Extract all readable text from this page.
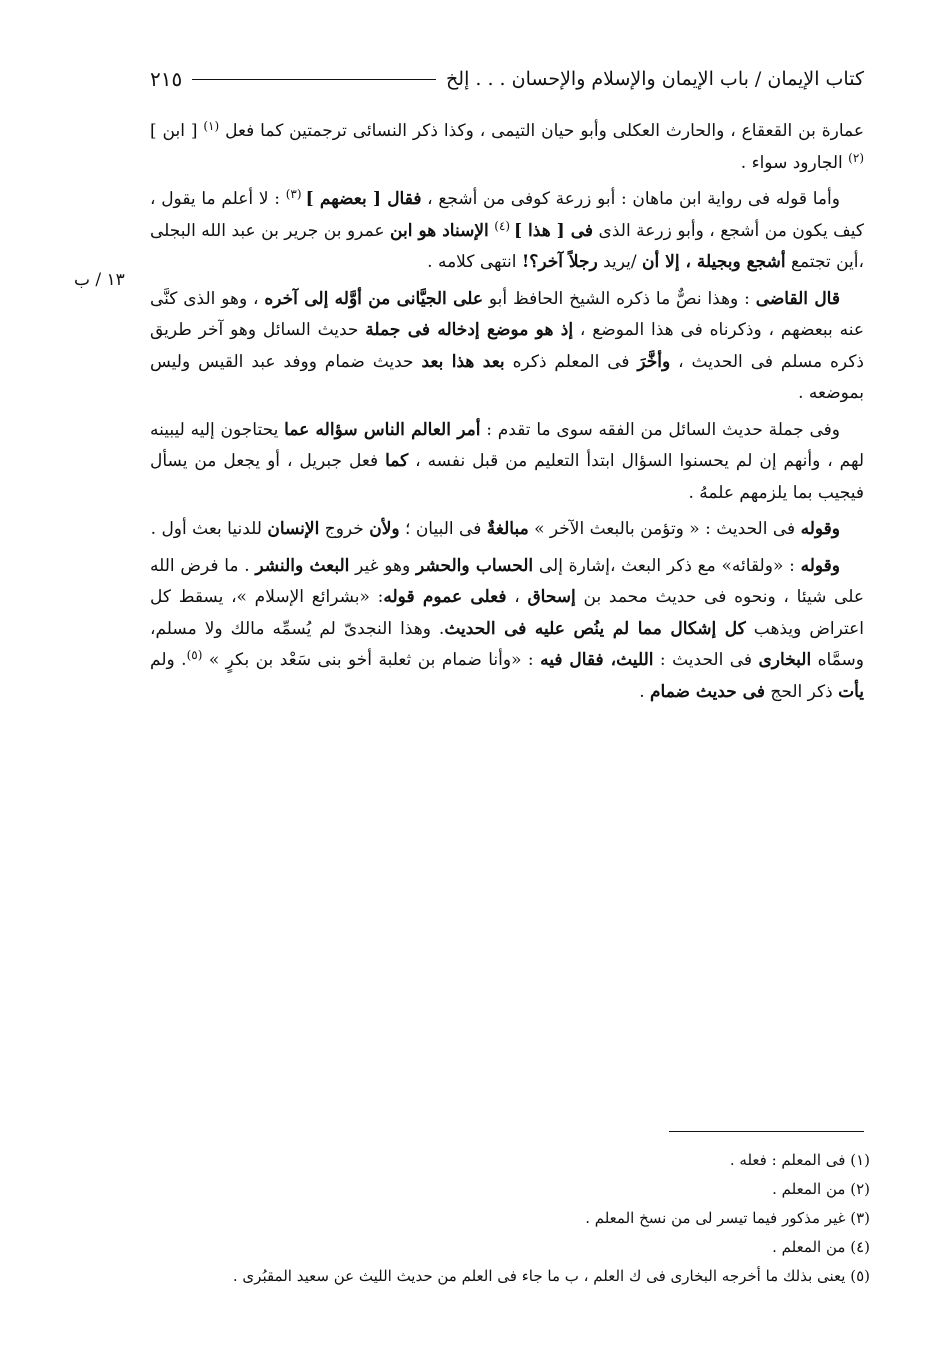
كتاب الإيمان / باب الإيمان والإسلام والإحسان . . . إلخ
٢١٥
١٣ / ب

عمارة بن القعقاع ، والحارث العكلى وأبو حيان التيمى ، وكذا ذكر النسائى ترجمتين كما فعل $^{(١)}$ [ ابن ] $^{(٢)}$ الجارود سواء .

وأما قوله فى رواية ابن ماهان : أبو زرعة كوفى من أشجع ، فقال [ بعضهم ] $^{(٣)}$ : لا أعلم ما يقول ، كيف يكون من أشجع ، وأبو زرعة الذى فى [ هذا ] $^{(٤)}$ الإسناد هو ابن عمرو بن جرير بن عبد الله البجلى ،أين تجتمع أشجع وبجيلة ، إلا أن /يريد رجلاً آخر؟! انتهى كلامه .

قال القاضى : وهذا نصٌّ ما ذكره الشيخ الحافظ أبو على الجيَّانى من أوَّله إلى آخره ، وهو الذى كنَّى عنه ببعضهم ، وذكرناه فى هذا الموضع ، إذ هو موضع إدخاله فى جملة حديث السائل وهو آخر طريق ذكره مسلم فى الحديث ، وأخَّرَ فى المعلم ذكره بعد هذا بعد حديث ضمام ووفد عبد القيس وليس بموضعه .

وفى جملة حديث السائل من الفقه سوى ما تقدم : أمر العالم الناس سؤاله عما يحتاجون إليه ليبينه لهم ، وأنهم إن لم يحسنوا السؤال ابتدأ التعليم من قبل نفسه ، كما فعل جبريل ، أو يجعل من يسأل فيجيب بما يلزمهم علمهُ .

وقوله فى الحديث : « وتؤمن بالبعث الآخر » مبالغةٌ فى البيان ؛ ولأن خروج الإنسان للدنيا بعث أول .

وقوله : «ولقائه» مع ذكر البعث ،إشارة إلى الحساب والحشر وهو غير البعث والنشر . ما فرض الله على شيئا ، ونحوه فى حديث محمد بن إسحاق ، فعلى عموم قوله: «بشرائع الإسلام »، يسقط كل اعتراض ويذهب كل إشكال مما لم ينُص عليه فى الحديث. وهذا النجدىّ لم يُسمِّه مالك ولا مسلم، وسمَّاه البخارى فى الحديث : الليث، فقال فيه : «وأنا ضمام بن ثعلبة أخو بنى سَعْد بن بكرٍ » $^{(٥)}$. ولم يأت ذكر الحج فى حديث ضمام .

(١) فى المعلم : فعله .

(٢) من المعلم .

(٣) غير مذكور فيما تيسر لى من نسخ المعلم .

(٤) من المعلم .

(٥) يعنى بذلك ما أخرجه البخارى فى ك العلم ، ب ما جاء فى العلم من حديث الليث عن سعيد المقبُرى .
